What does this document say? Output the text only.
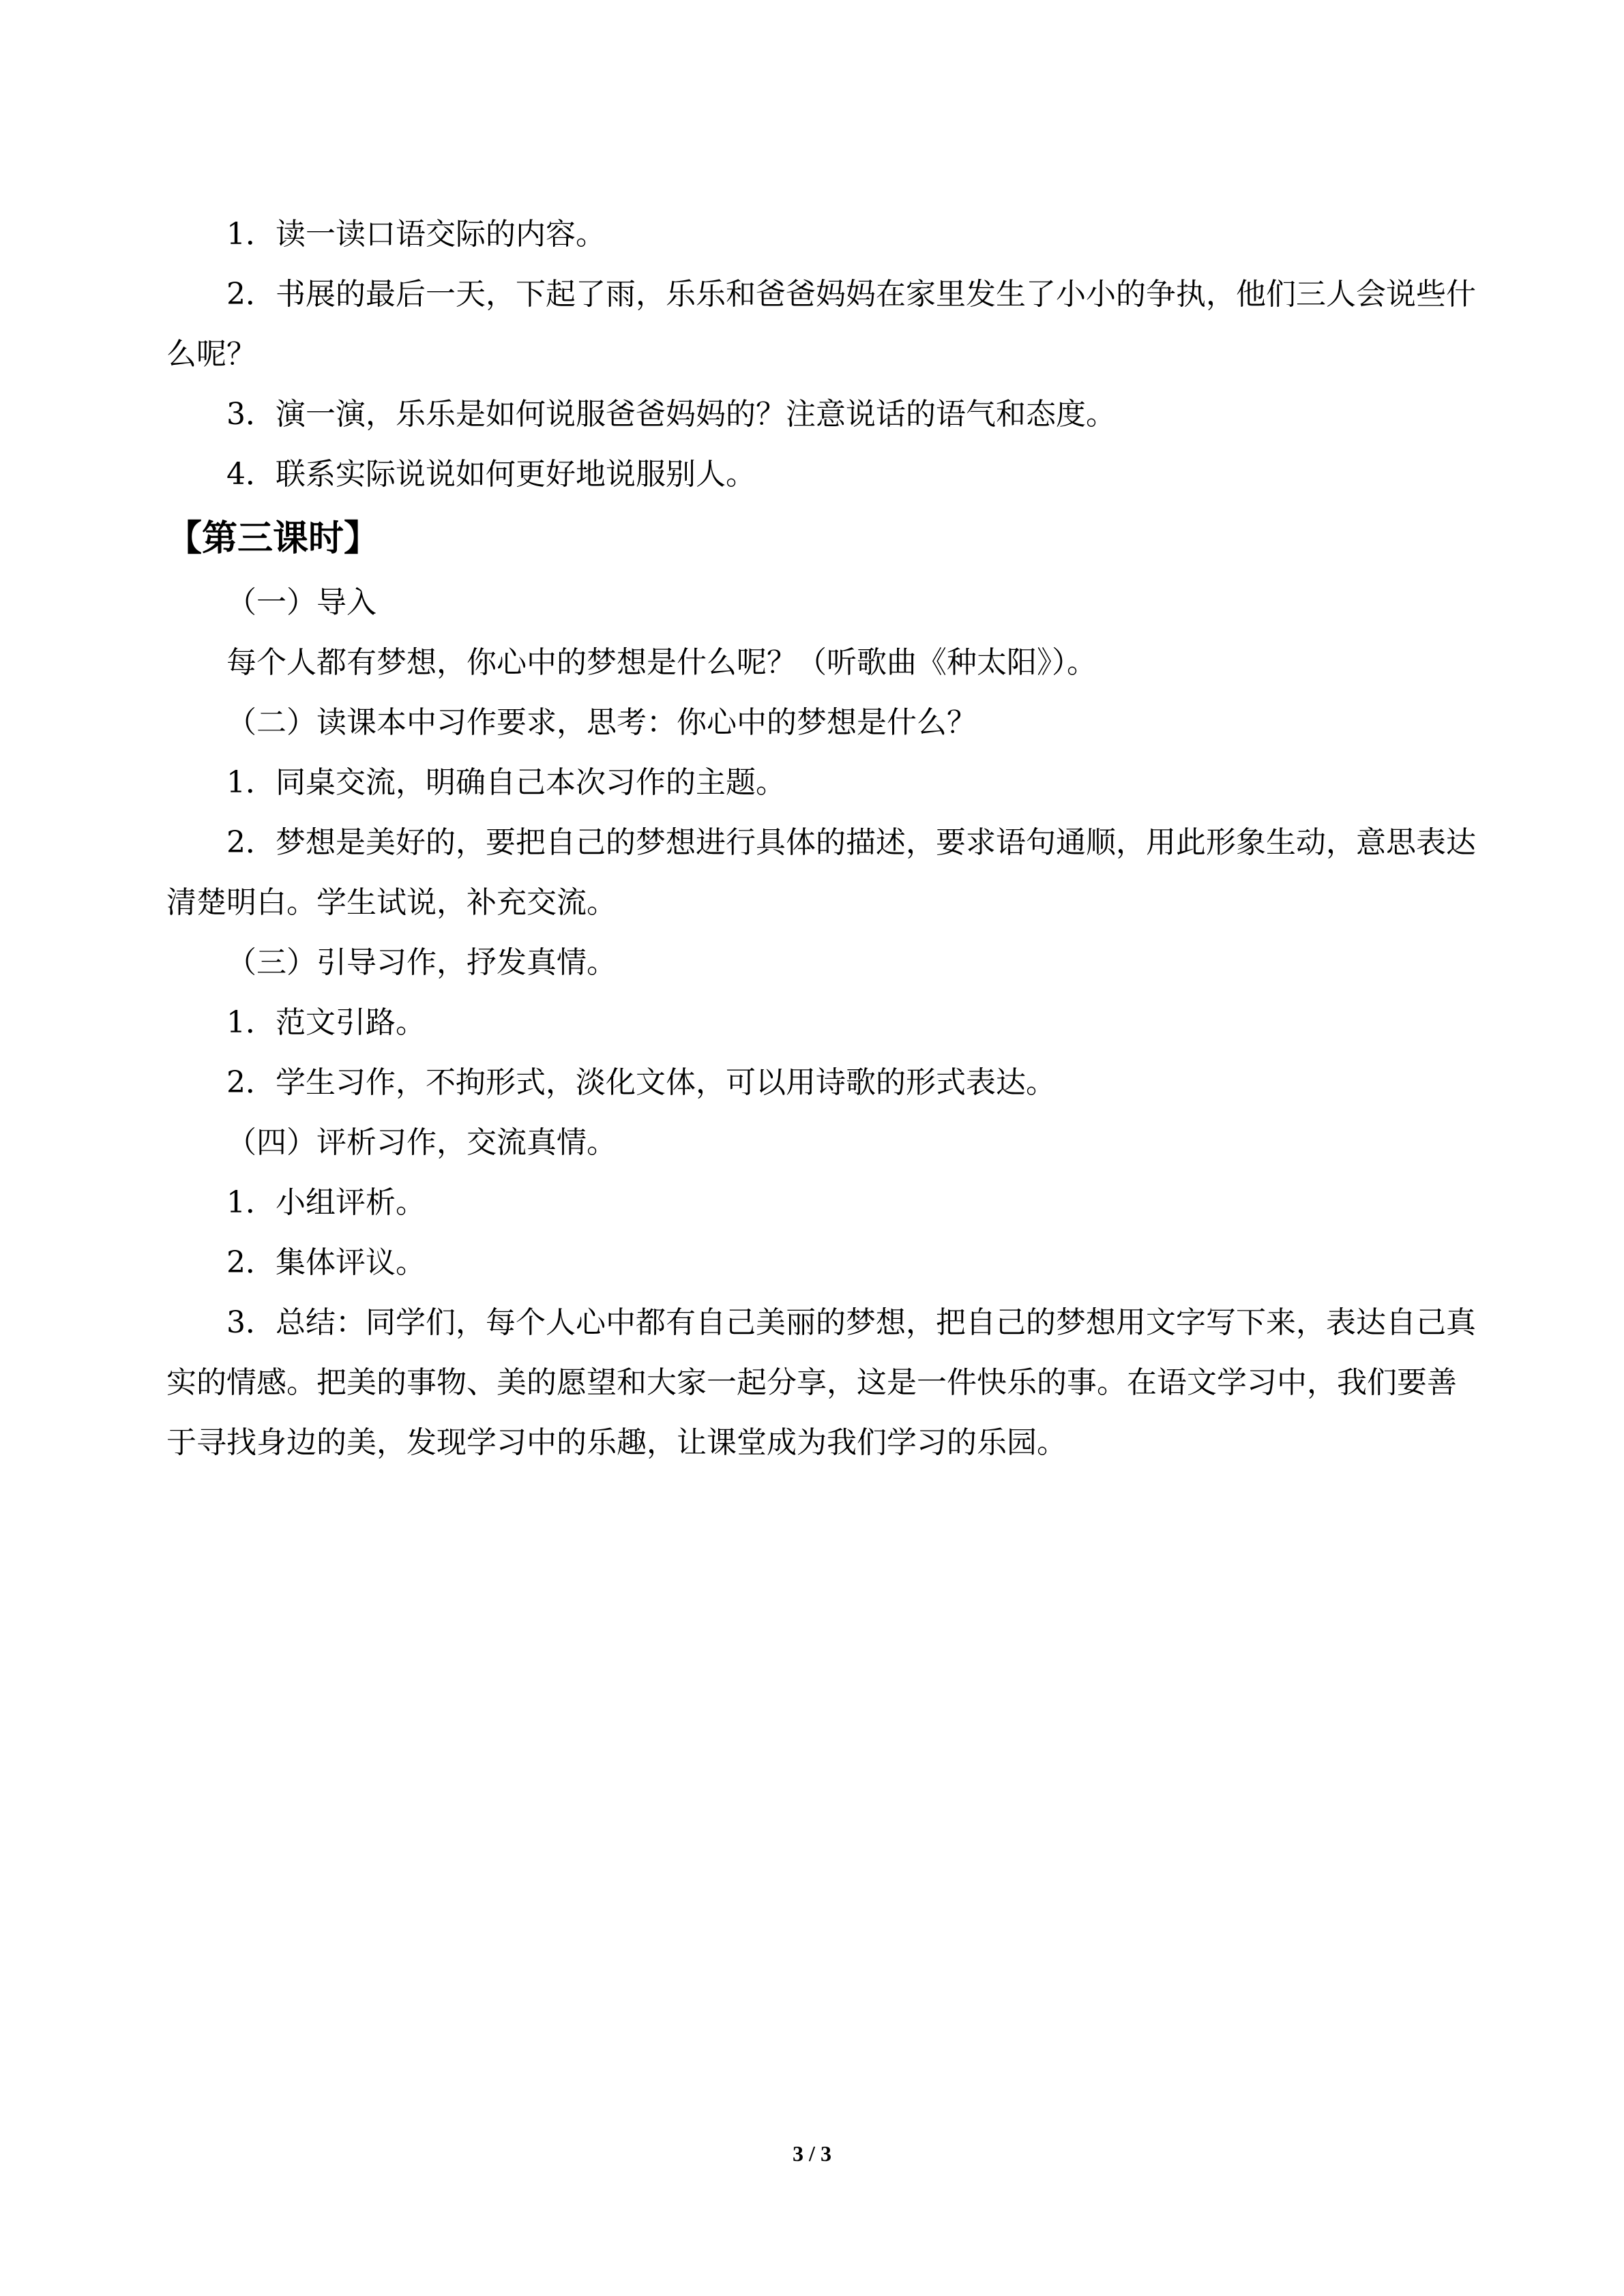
1．读一读口语交际的内容。

2．书展的最后一天，下起了雨，乐乐和爸爸妈妈在家里发生了小小的争执，他们三人会说些什么呢？

3．演一演，乐乐是如何说服爸爸妈妈的？注意说话的语气和态度。

4．联系实际说说如何更好地说服别人。

【第三课时】

（一）导入

每个人都有梦想，你心中的梦想是什么呢？（听歌曲《种太阳》）。

（二）读课本中习作要求，思考：你心中的梦想是什么？

1．同桌交流，明确自己本次习作的主题。

2．梦想是美好的，要把自己的梦想进行具体的描述，要求语句通顺，用此形象生动，意思表达清楚明白。学生试说，补充交流。

（三）引导习作，抒发真情。

1．范文引路。

2．学生习作，不拘形式，淡化文体，可以用诗歌的形式表达。

（四）评析习作，交流真情。

1．小组评析。

2．集体评议。

3．总结：同学们，每个人心中都有自己美丽的梦想，把自己的梦想用文字写下来，表达自己真实的情感。把美的事物、美的愿望和大家一起分享，这是一件快乐的事。在语文学习中，我们要善于寻找身边的美，发现学习中的乐趣，让课堂成为我们学习的乐园。

3 / 3
